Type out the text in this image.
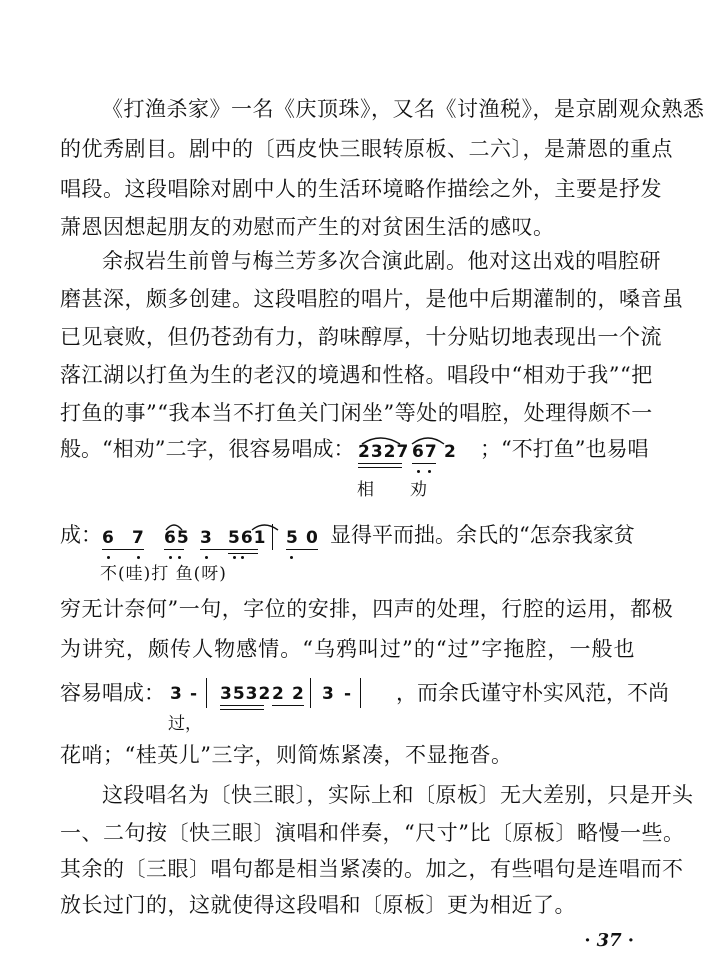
《打渔杀家》一名《庆顶珠》，又名《讨渔税》，是京剧观众熟悉
的优秀剧目。剧中的〔西皮快三眼转原板、二六〕，是萧恩的重点
唱段。这段唱除对剧中人的生活环境略作描绘之外，主要是抒发
萧恩因想起朋友的劝慰而产生的对贫困生活的感叹。
余叔岩生前曾与梅兰芳多次合演此剧。他对这出戏的唱腔研
磨甚深，颇多创建。这段唱腔的唱片，是他中后期灌制的，嗓音虽
已见衰败，但仍苍劲有力，韵味醇厚，十分贴切地表现出一个流
落江湖以打鱼为生的老汉的境遇和性格。唱段中“相劝于我”“把
打鱼的事”“我本当不打鱼关门闲坐”等处的唱腔，处理得颇不一
般。“相劝”二字，很容易唱成： 2327 67 2 ；“不打鱼”也易唱
相 劝
成： 6 7 65 3 561 5 0 显得平而拙。余氏的“怎奈我家贫
不(哇)打 鱼(呀)
穷无计奈何”一句，字位的安排，四声的处理，行腔的运用，都极
为讲究，颇传人物感情。“乌鸦叫过”的“过”字拖腔，一般也
容易唱成： 3 - 3532 2 2 3 - ，而余氏谨守朴实风范，不尚
过，
花哨；“桂英儿”三字，则简炼紧凑，不显拖沓。
这段唱名为〔快三眼〕，实际上和〔原板〕无大差别，只是开头
一、二句按〔快三眼〕演唱和伴奏，“尺寸”比〔原板〕略慢一些。
其余的〔三眼〕唱句都是相当紧凑的。加之，有些唱句是连唱而不
放长过门的，这就使得这段唱和〔原板〕更为相近了。
· 37 ·
